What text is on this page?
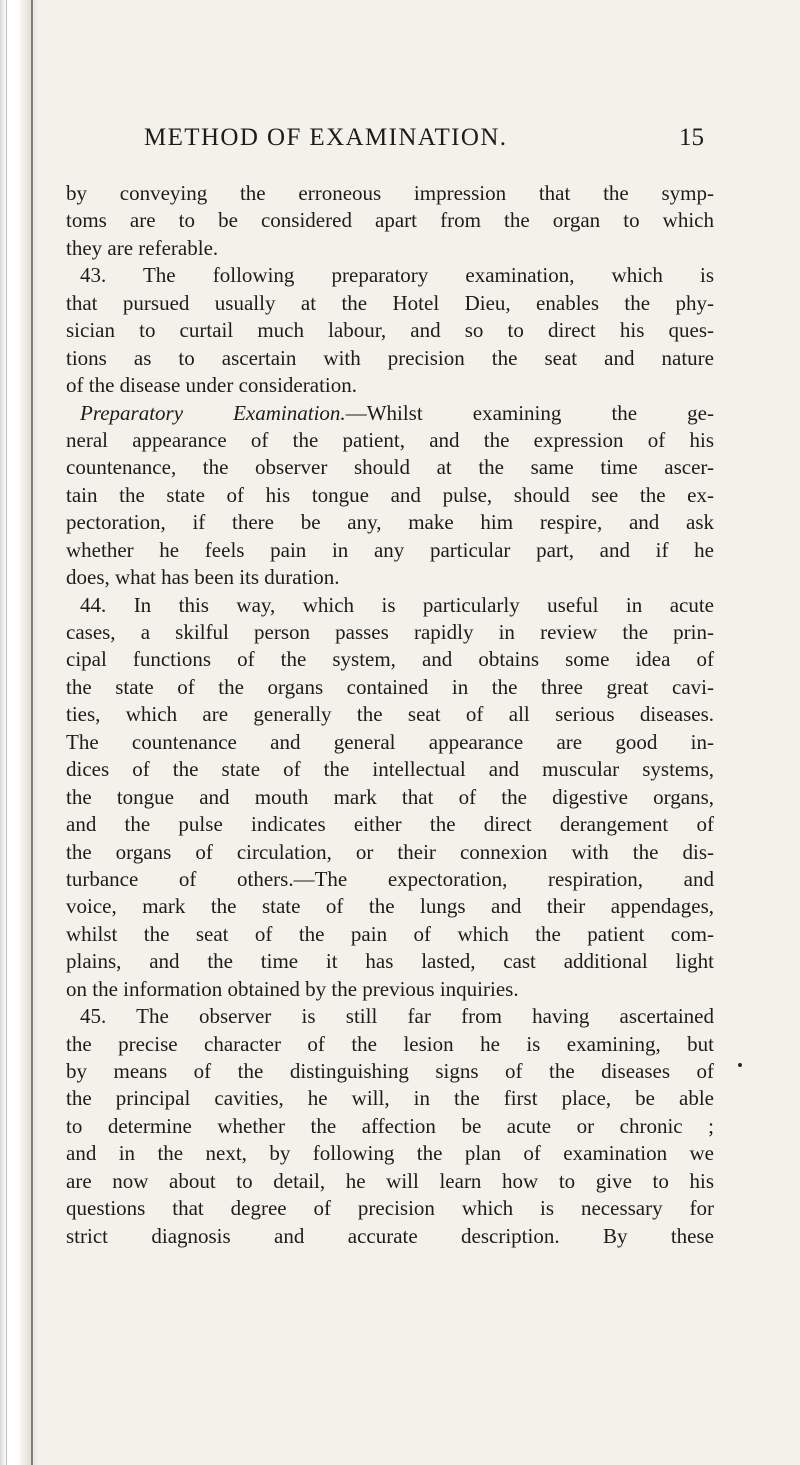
METHOD OF EXAMINATION.	15
by conveying the erroneous impression that the symp-
toms are to be considered apart from the organ to which
they are referable.
43. The following preparatory examination, which is
that pursued usually at the Hotel Dieu, enables the phy-
sician to curtail much labour, and so to direct his ques-
tions as to ascertain with precision the seat and nature
of the disease under consideration.
Preparatory Examination.—Whilst examining the ge-
neral appearance of the patient, and the expression of his
countenance, the observer should at the same time ascer-
tain the state of his tongue and pulse, should see the ex-
pectoration, if there be any, make him respire, and ask
whether he feels pain in any particular part, and if he
does, what has been its duration.
44. In this way, which is particularly useful in acute
cases, a skilful person passes rapidly in review the prin-
cipal functions of the system, and obtains some idea of
the state of the organs contained in the three great cavi-
ties, which are generally the seat of all serious diseases.
The countenance and general appearance are good in-
dices of the state of the intellectual and muscular systems,
the tongue and mouth mark that of the digestive organs,
and the pulse indicates either the direct derangement of
the organs of circulation, or their connexion with the dis-
turbance of others.—The expectoration, respiration, and
voice, mark the state of the lungs and their appendages,
whilst the seat of the pain of which the patient com-
plains, and the time it has lasted, cast additional light
on the information obtained by the previous inquiries.
45. The observer is still far from having ascertained
the precise character of the lesion he is examining, but
by means of the distinguishing signs of the diseases of
the principal cavities, he will, in the first place, be able
to determine whether the affection be acute or chronic ;
and in the next, by following the plan of examination we
are now about to detail, he will learn how to give to his
questions that degree of precision which is necessary for
strict diagnosis and accurate description. By these
